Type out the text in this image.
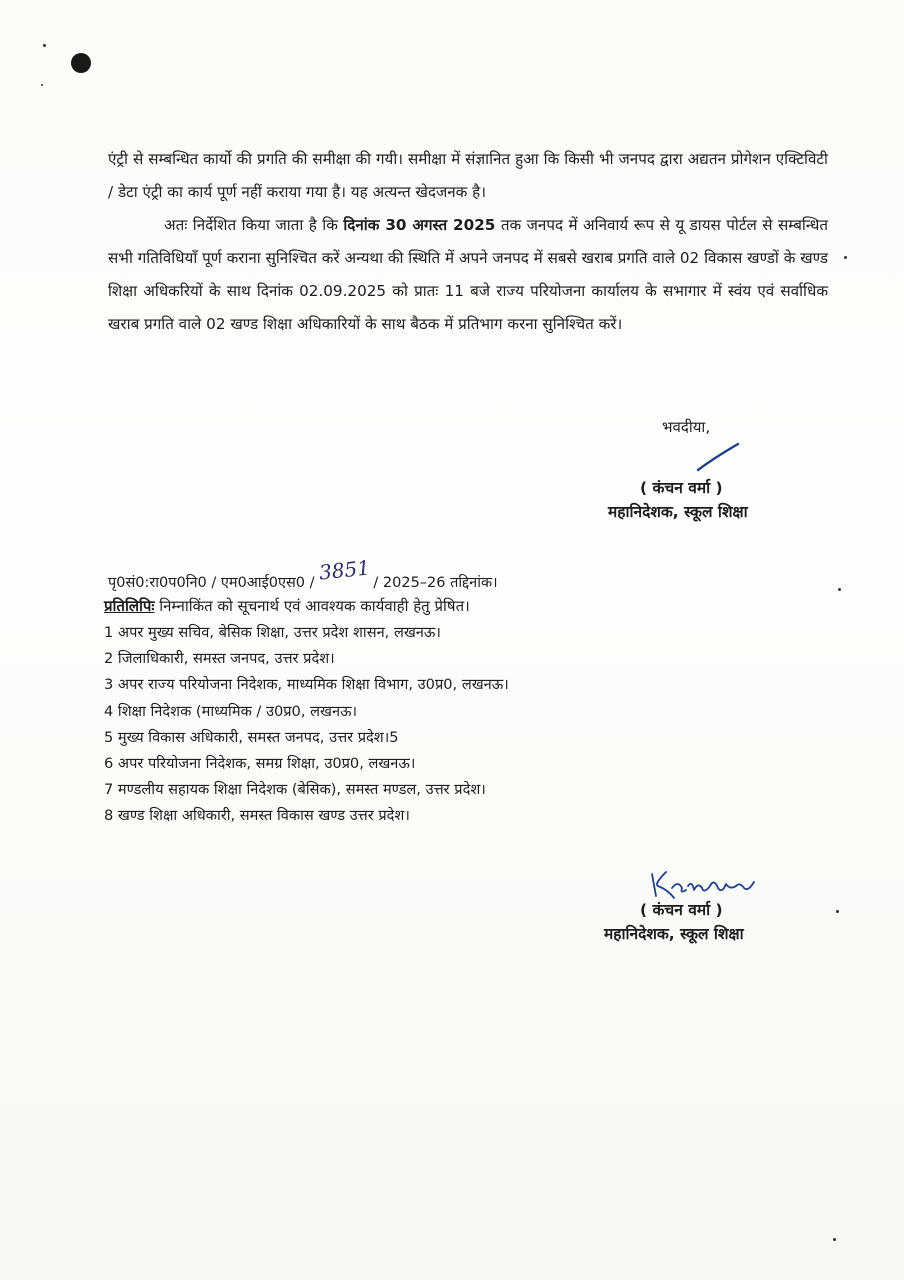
एंट्री से सम्बन्धित कार्यो की प्रगति की समीक्षा की गयी। समीक्षा में संज्ञानित हुआ कि किसी भी जनपद द्वारा अद्यतन प्रोगेशन एक्टिविटी / डेटा एंट्री का कार्य पूर्ण नहीं कराया गया है। यह अत्यन्त खेदजनक है।
अतः निर्देशित किया जाता है कि दिनांक 30 अगस्त 2025 तक जनपद में अनिवार्य रूप से यू डायस पोर्टल से सम्बन्धित सभी गतिविधियॉं पूर्ण कराना सुनिश्चित करें अन्यथा की स्थिति में अपने जनपद में सबसे खराब प्रगति वाले 02 विकास खण्डों के खण्ड शिक्षा अधिकरियों के साथ दिनांक 02.09.2025 को प्रातः 11 बजे राज्य परियोजना कार्यालय के सभागार में स्वंय एवं सर्वाधिक खराब प्रगति वाले 02 खण्ड शिक्षा अधिकारियों के साथ बैठक में प्रतिभाग करना सुनिश्चित करें।
भवदीया,
( कंचन वर्मा )
महानिदेशक, स्कूल शिक्षा
पृ0सं0:रा0प0नि0 / एम0आई0एस0 / 3851 / 2025–26 तद्दिनांक।
प्रतिलिपिः निम्नाकिंत को सूचनार्थ एवं आवश्यक कार्यवाही हेतु प्रेषित।
1 अपर मुख्य सचिव, बेसिक शिक्षा, उत्तर प्रदेश शासन, लखनऊ।
2 जिलाधिकारी, समस्त जनपद, उत्तर प्रदेश।
3 अपर राज्य परियोजना निदेशक, माध्यमिक शिक्षा विभाग, उ0प्र0, लखनऊ।
4 शिक्षा निदेशक (माध्यमिक / उ0प्र0, लखनऊ।
5 मुख्य विकास अधिकारी, समस्त जनपद, उत्तर प्रदेश।5
6 अपर परियोजना निदेशक, समग्र शिक्षा, उ0प्र0, लखनऊ।
7 मण्डलीय सहायक शिक्षा निदेशक (बेसिक), समस्त मण्डल, उत्तर प्रदेश।
8 खण्ड शिक्षा अधिकारी, समस्त विकास खण्ड उत्तर प्रदेश।
( कंचन वर्मा )
महानिदेशक, स्कूल शिक्षा
